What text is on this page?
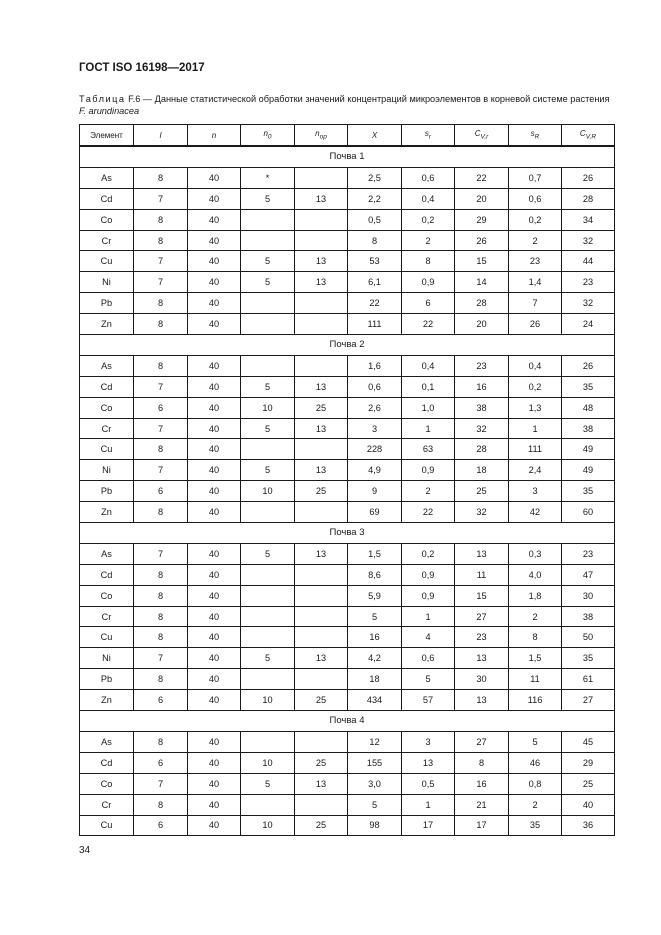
ГОСТ ISO 16198—2017
Таблица F.6 — Данные статистической обработки значений концентраций микроэлементов в корневой системе растения F. arundinacea
Элемент	l	n	$n_0$	$n_{op}$	X	$s_r$	$C_{V,r}$	$s_R$	$C_{V,R}$
Почва 1									
As	8	40	*		2,5	0,6	22	0,7	26
Cd	7	40	5	13	2,2	0,4	20	0,6	28
Co	8	40			0,5	0,2	29	0,2	34
Cr	8	40			8	2	26	2	32
Cu	7	40	5	13	53	8	15	23	44
Ni	7	40	5	13	6,1	0,9	14	1,4	23
Pb	8	40			22	6	28	7	32
Zn	8	40			111	22	20	26	24
Почва 2									
As	8	40			1,6	0,4	23	0,4	26
Cd	7	40	5	13	0,6	0,1	16	0,2	35
Co	6	40	10	25	2,6	1,0	38	1,3	48
Cr	7	40	5	13	3	1	32	1	38
Cu	8	40			228	63	28	111	49
Ni	7	40	5	13	4,9	0,9	18	2,4	49
Pb	6	40	10	25	9	2	25	3	35
Zn	8	40			69	22	32	42	60
Почва 3									
As	7	40	5	13	1,5	0,2	13	0,3	23
Cd	8	40			8,6	0,9	11	4,0	47
Co	8	40			5,9	0,9	15	1,8	30
Cr	8	40			5	1	27	2	38
Cu	8	40			16	4	23	8	50
Ni	7	40	5	13	4,2	0,6	13	1,5	35
Pb	8	40			18	5	30	11	61
Zn	6	40	10	25	434	57	13	116	27
Почва 4									
As	8	40			12	3	27	5	45
Cd	6	40	10	25	155	13	8	46	29
Co	7	40	5	13	3,0	0,5	16	0,8	25
Cr	8	40			5	1	21	2	40
Cu	6	40	10	25	98	17	17	35	36
34
